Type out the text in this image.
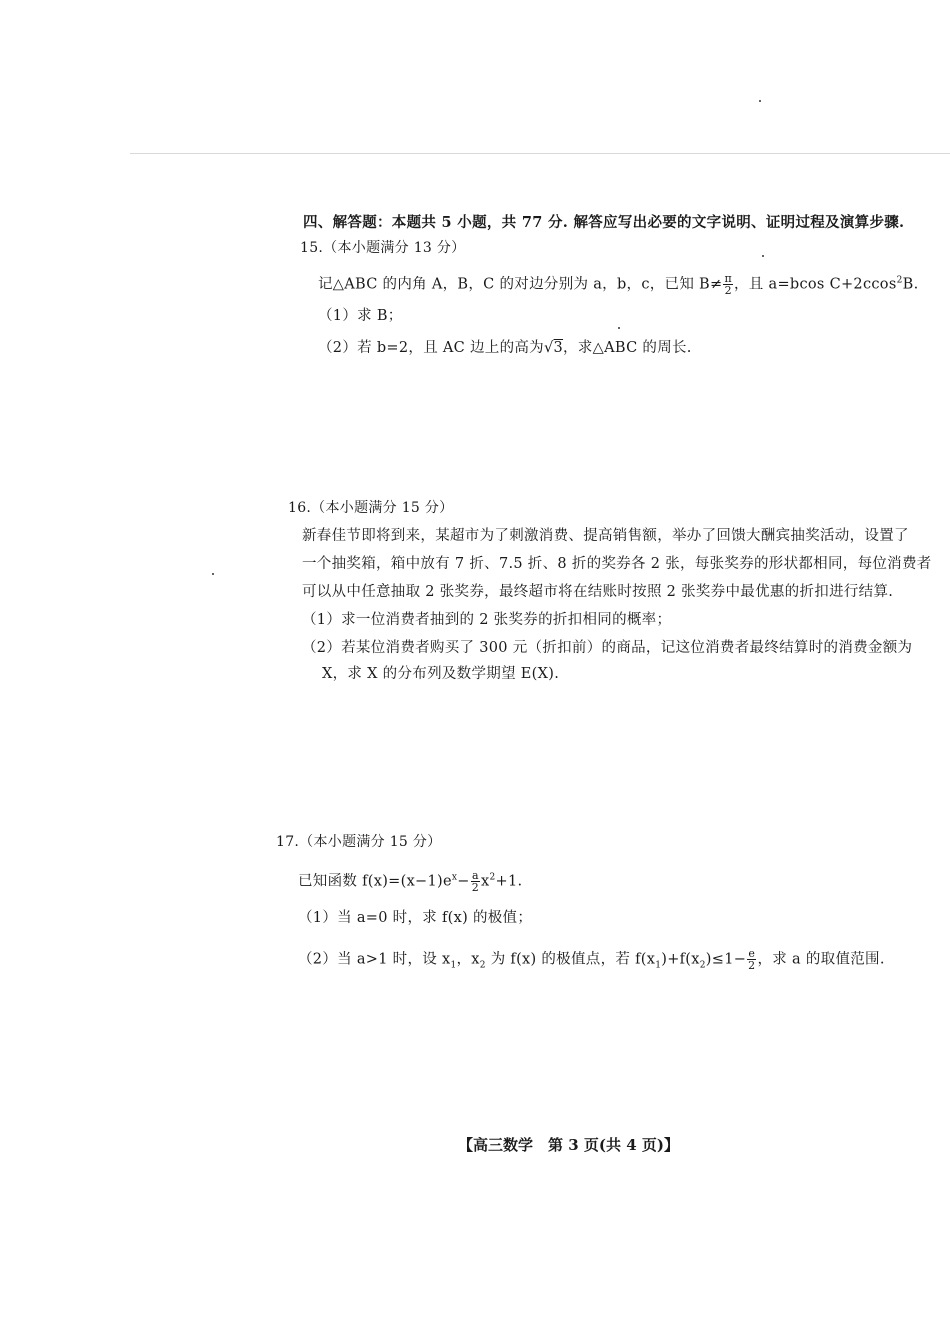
四、解答题：本题共 5 小题，共 77 分. 解答应写出必要的文字说明、证明过程及演算步骤.
15.（本小题满分 13 分）
记△ABC 的内角 A，B，C 的对边分别为 a，b，c，已知 $B\ne \frac{\pi}{2}$ ，且 a=bcos C+2ccos$^2$B.
（1）求 B；
（2）若 b=2，且 AC 边上的高为√3，求△ABC 的周长.
16.（本小题满分 15 分）
新春佳节即将到来，某超市为了刺激消费、提高销售额，举办了回馈大酬宾抽奖活动，设置了
一个抽奖箱，箱中放有 7 折、7.5 折、8 折的奖券各 2 张，每张奖券的形状都相同，每位消费者
可以从中任意抽取 2 张奖券，最终超市将在结账时按照 2 张奖券中最优惠的折扣进行结算.
（1）求一位消费者抽到的 2 张奖券的折扣相同的概率；
（2）若某位消费者购买了 300 元（折扣前）的商品，记这位消费者最终结算时的消费金额为
X，求 X 的分布列及数学期望 E(X).
17.（本小题满分 15 分）
已知函数 $f(x)=(x-1)e^x- \frac{a}{2} x^2+1$.
（1）当 a=0 时，求 f(x) 的极值；
（2）当 a>1 时，设 $x_1$，$x_2$ 为 f(x) 的极值点，若 $f(x_1)+f(x_2)\le 1- \frac{e}{2}$ ，求 a 的取值范围.
【高三数学　第 3 页(共 4 页)】
